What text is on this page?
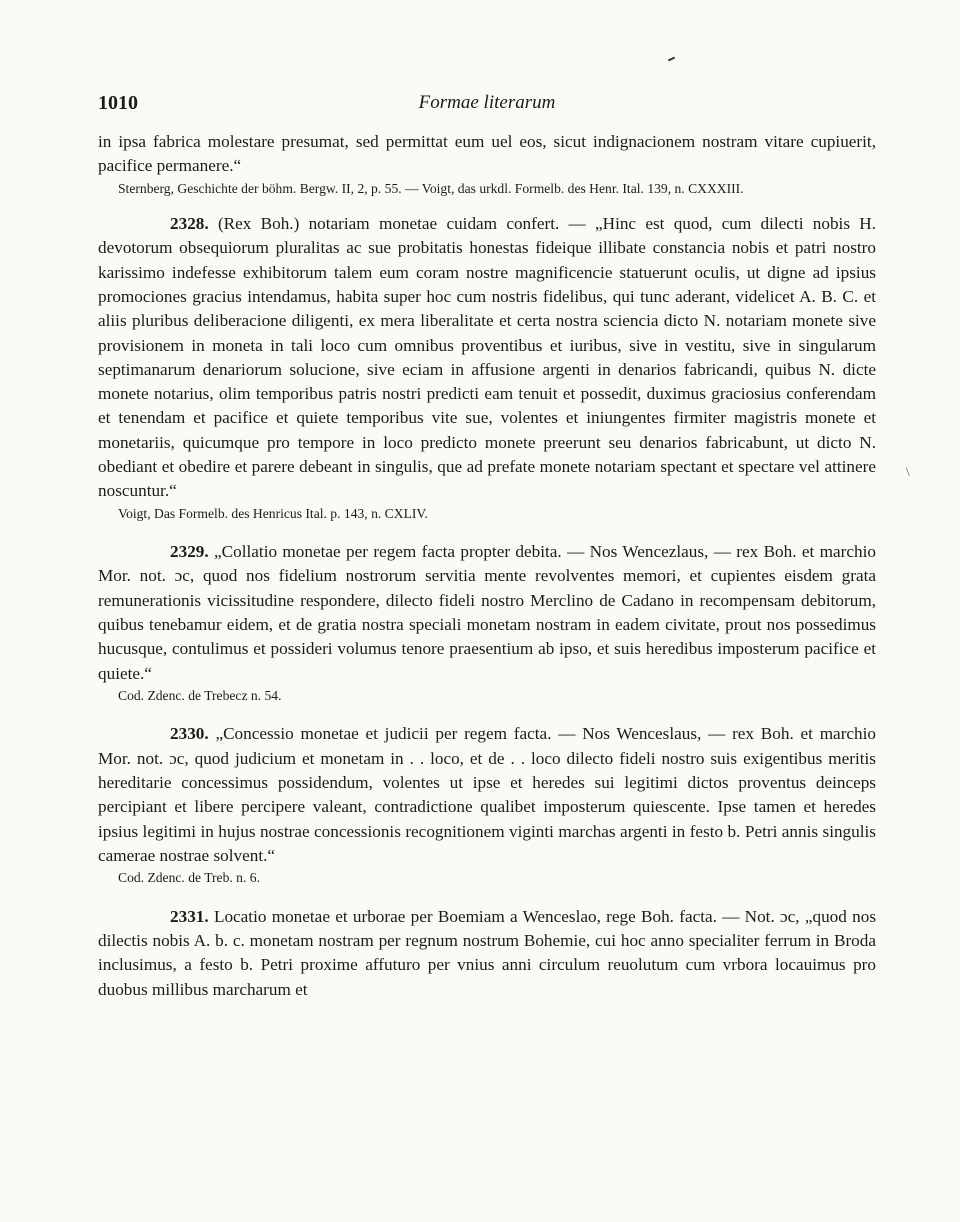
\
1010	Formae literarum

in ipsa fabrica molestare presumat, sed permittat eum uel eos, sicut indignacionem nostram vitare cupiuerit, pacifice permanere.“

Sternberg, Geschichte der böhm. Bergw. II, 2, p. 55. — Voigt, das urkdl. Formelb. des Henr. Ital. 139, n. CXXXIII.

2328. (Rex Boh.) notariam monetae cuidam confert. — „Hinc est quod, cum dilecti nobis H. devotorum obsequiorum pluralitas ac sue probitatis honestas fideique illibate constancia nobis et patri nostro karissimo indefesse exhibitorum talem eum coram nostre magnificencie statuerunt oculis, ut digne ad ipsius promociones gracius intendamus, habita super hoc cum nostris fidelibus, qui tunc aderant, videlicet A. B. C. et aliis pluribus deliberacione diligenti, ex mera liberalitate et certa nostra sciencia dicto N. notariam monete sive provisionem in moneta in tali loco cum omnibus proventibus et iuribus, sive in vestitu, sive in singularum septimanarum denariorum solucione, sive eciam in affusione argenti in denarios fabricandi, quibus N. dicte monete notarius, olim temporibus patris nostri predicti eam tenuit et possedit, duximus graciosius conferendam et tenendam et pacifice et quiete temporibus vite sue, volentes et iniungentes firmiter magistris monete et monetariis, quicumque pro tempore in loco predicto monete preerunt seu denarios fabricabunt, ut dicto N. obediant et obedire et parere debeant in singulis, que ad prefate monete notariam spectant et spectare vel attinere noscuntur.“

Voigt, Das Formelb. des Henricus Ital. p. 143, n. CXLIV.

2329. „Collatio monetae per regem facta propter debita. — Nos Wencezlaus, — rex Boh. et marchio Mor. not. ɔc, quod nos fidelium nostrorum servitia mente revolventes memori, et cupientes eisdem grata remunerationis vicissitudine respondere, dilecto fideli nostro Merclino de Cadano in recompensam debitorum, quibus tenebamur eidem, et de gratia nostra speciali monetam nostram in eadem civitate, prout nos possedimus hucusque, contulimus et possideri volumus tenore praesentium ab ipso, et suis heredibus imposterum pacifice et quiete.“

Cod. Zdenc. de Trebecz n. 54.

2330. „Concessio monetae et judicii per regem facta. — Nos Wenceslaus, — rex Boh. et marchio Mor. not. ɔc, quod judicium et monetam in . . loco, et de . . loco dilecto fideli nostro suis exigentibus meritis hereditarie concessimus possidendum, volentes ut ipse et heredes sui legitimi dictos proventus deinceps percipiant et libere percipere valeant, contradictione qualibet imposterum quiescente. Ipse tamen et heredes ipsius legitimi in hujus nostrae concessionis recognitionem viginti marchas argenti in festo b. Petri annis singulis camerae nostrae solvent.“

Cod. Zdenc. de Treb. n. 6.

2331. Locatio monetae et urborae per Boemiam a Wenceslao, rege Boh. facta. — Not. ɔc, „quod nos dilectis nobis A. b. c. monetam nostram per regnum nostrum Bohemie, cui hoc anno specialiter ferrum in Broda inclusimus, a festo b. Petri proxime affuturo per vnius anni circulum reuolutum cum vrbora locauimus pro duobus millibus marcharum et
